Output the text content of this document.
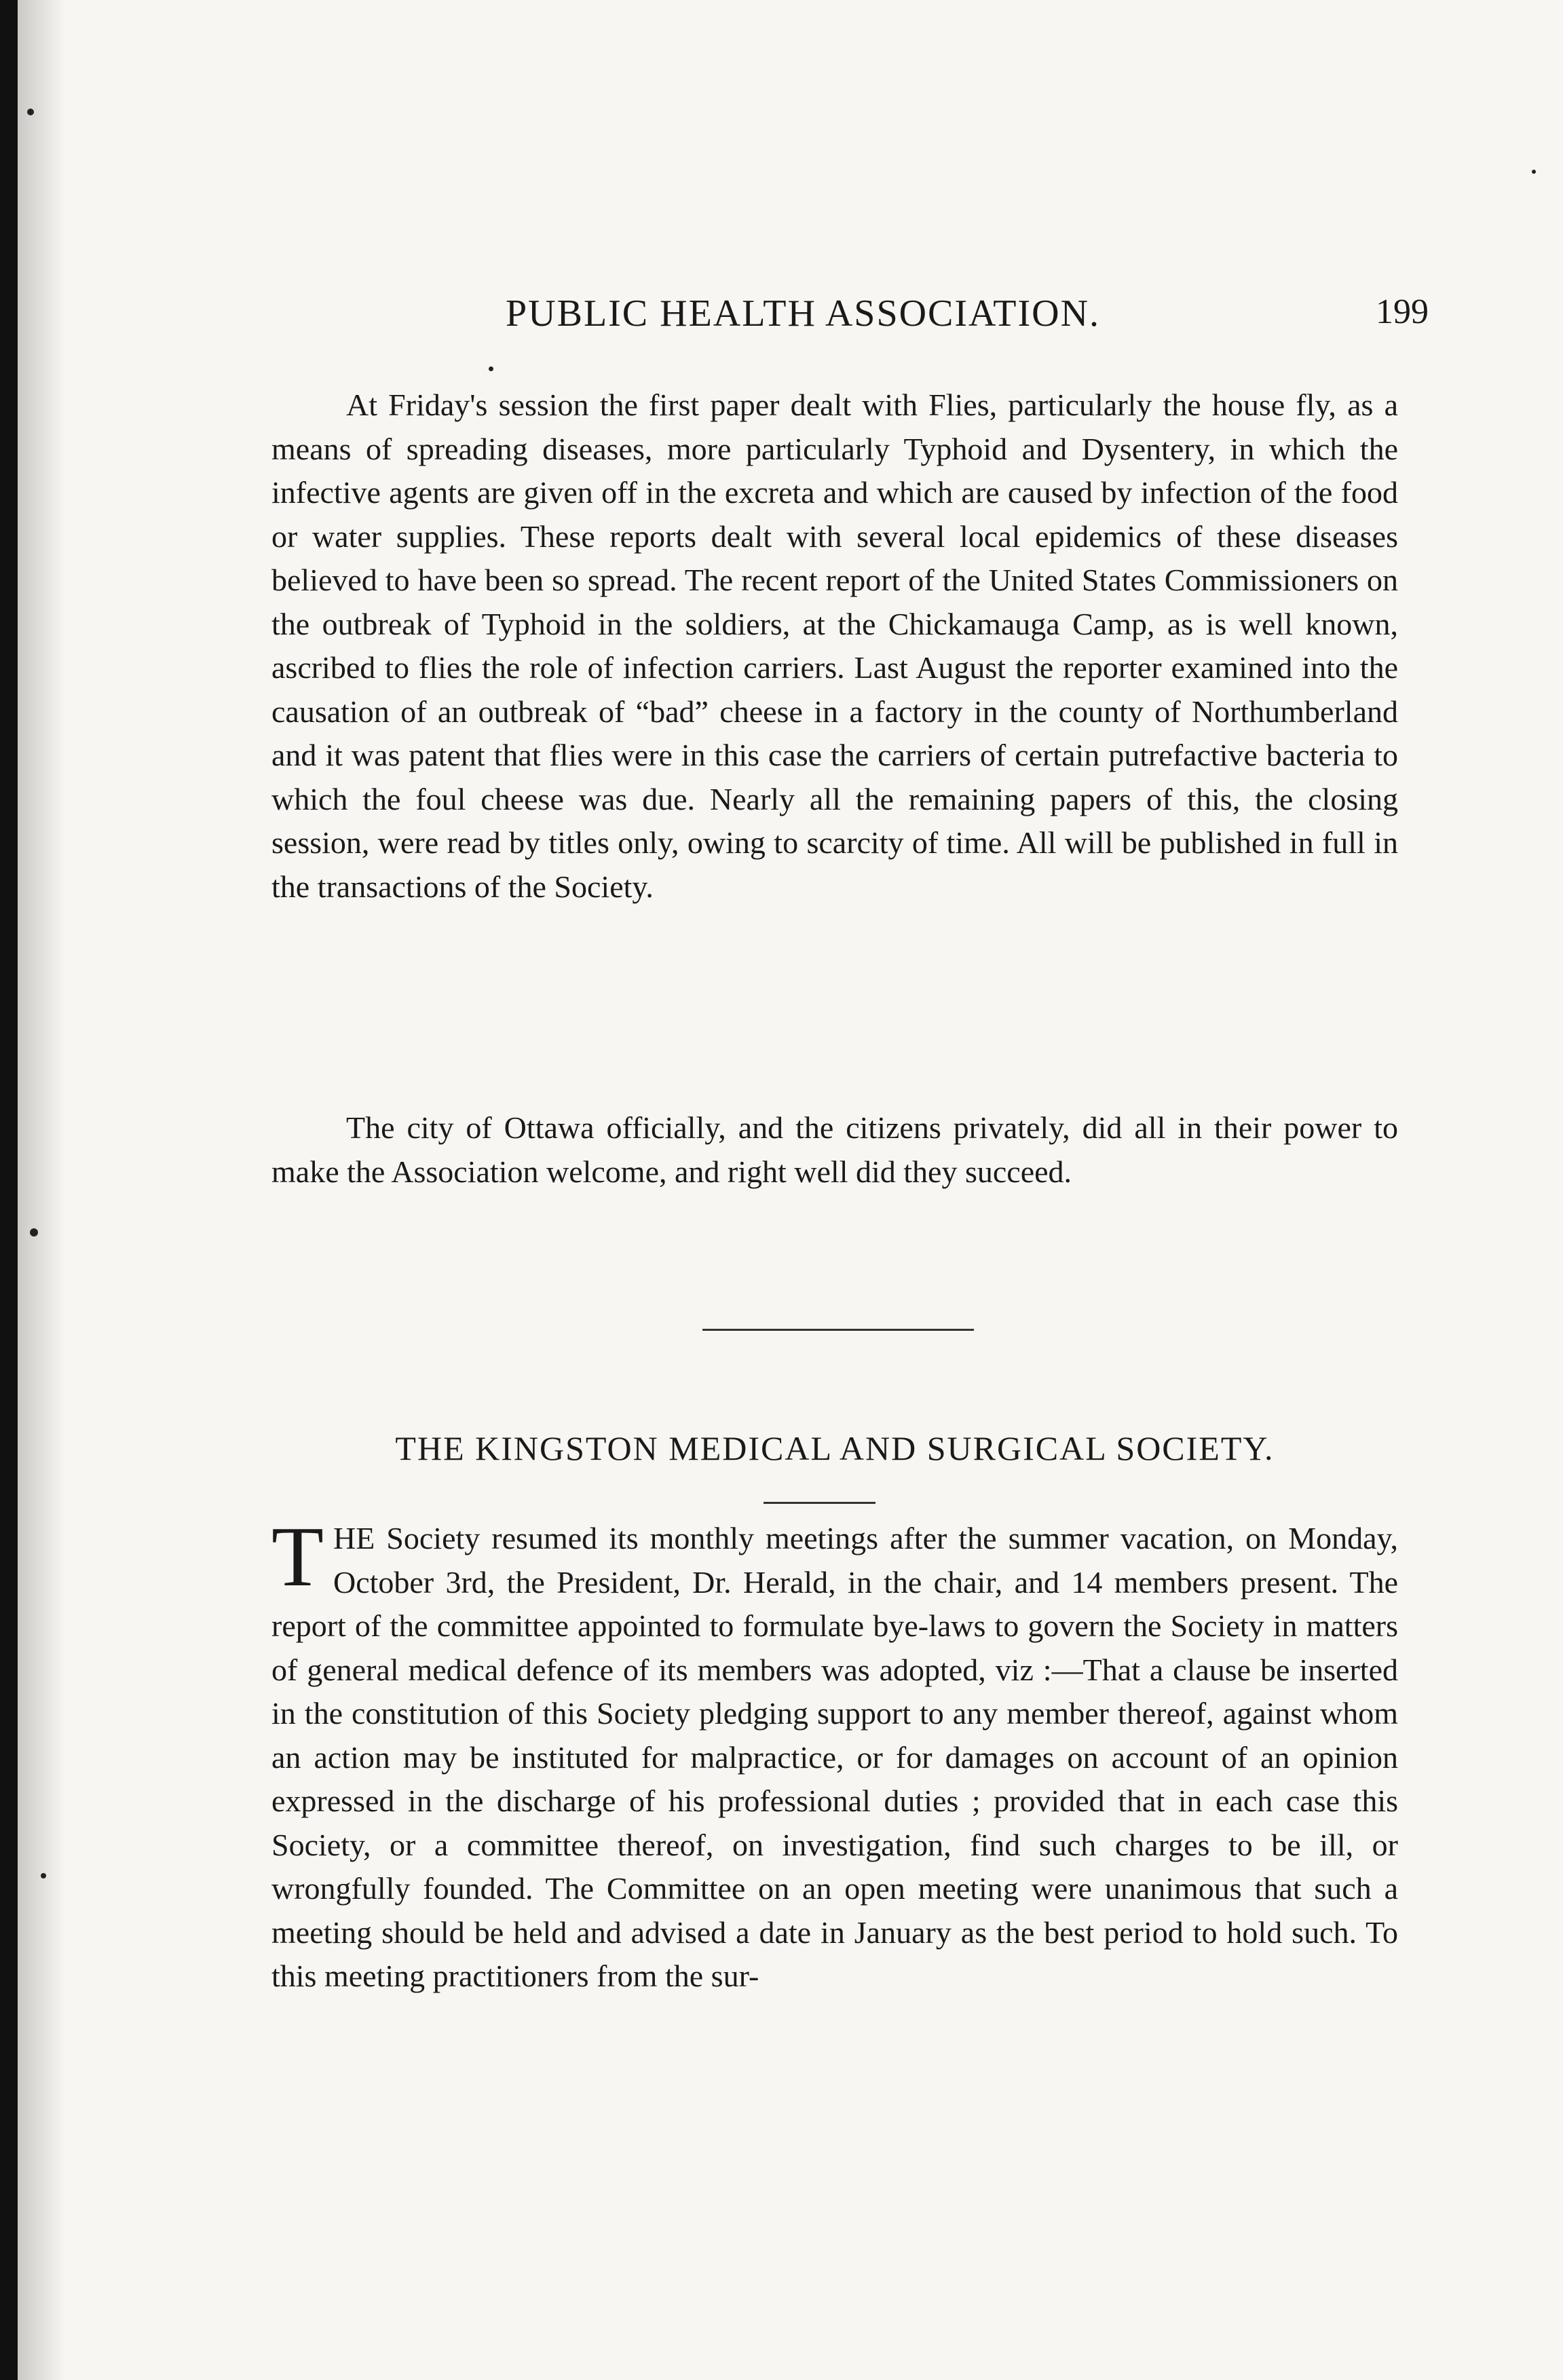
PUBLIC HEALTH ASSOCIATION.	199

At Friday's session the first paper dealt with Flies, particularly the house fly, as a means of spreading diseases, more particularly Typhoid and Dysentery, in which the infective agents are given off in the excreta and which are caused by infection of the food or water supplies. These reports dealt with several local epidemics of these diseases believed to have been so spread. The recent report of the United States Commissioners on the outbreak of Typhoid in the soldiers, at the Chickamauga Camp, as is well known, ascribed to flies the role of infection carriers. Last August the reporter examined into the causation of an outbreak of “bad” cheese in a factory in the county of Northumberland and it was patent that flies were in this case the carriers of certain putrefactive bacteria to which the foul cheese was due. Nearly all the remaining papers of this, the closing session, were read by titles only, owing to scarcity of time. All will be published in full in the transactions of the Society.

The city of Ottawa officially, and the citizens privately, did all in their power to make the Association welcome, and right well did they succeed.

THE KINGSTON MEDICAL AND SURGICAL SOCIETY.
T HE Society resumed its monthly meetings after the summer vacation, on Monday, October 3rd, the President, Dr. Herald, in the chair, and 14 members present. The report of the committee appointed to formulate bye-laws to govern the Society in matters of general medical defence of its members was adopted, viz :—That a clause be inserted in the constitution of this Society pledging support to any member thereof, against whom an action may be instituted for malpractice, or for damages on account of an opinion expressed in the discharge of his professional duties ; provided that in each case this Society, or a committee thereof, on investigation, find such charges to be ill, or wrongfully founded. The Committee on an open meeting were unanimous that such a meeting should be held and advised a date in January as the best period to hold such. To this meeting practitioners from the sur-
